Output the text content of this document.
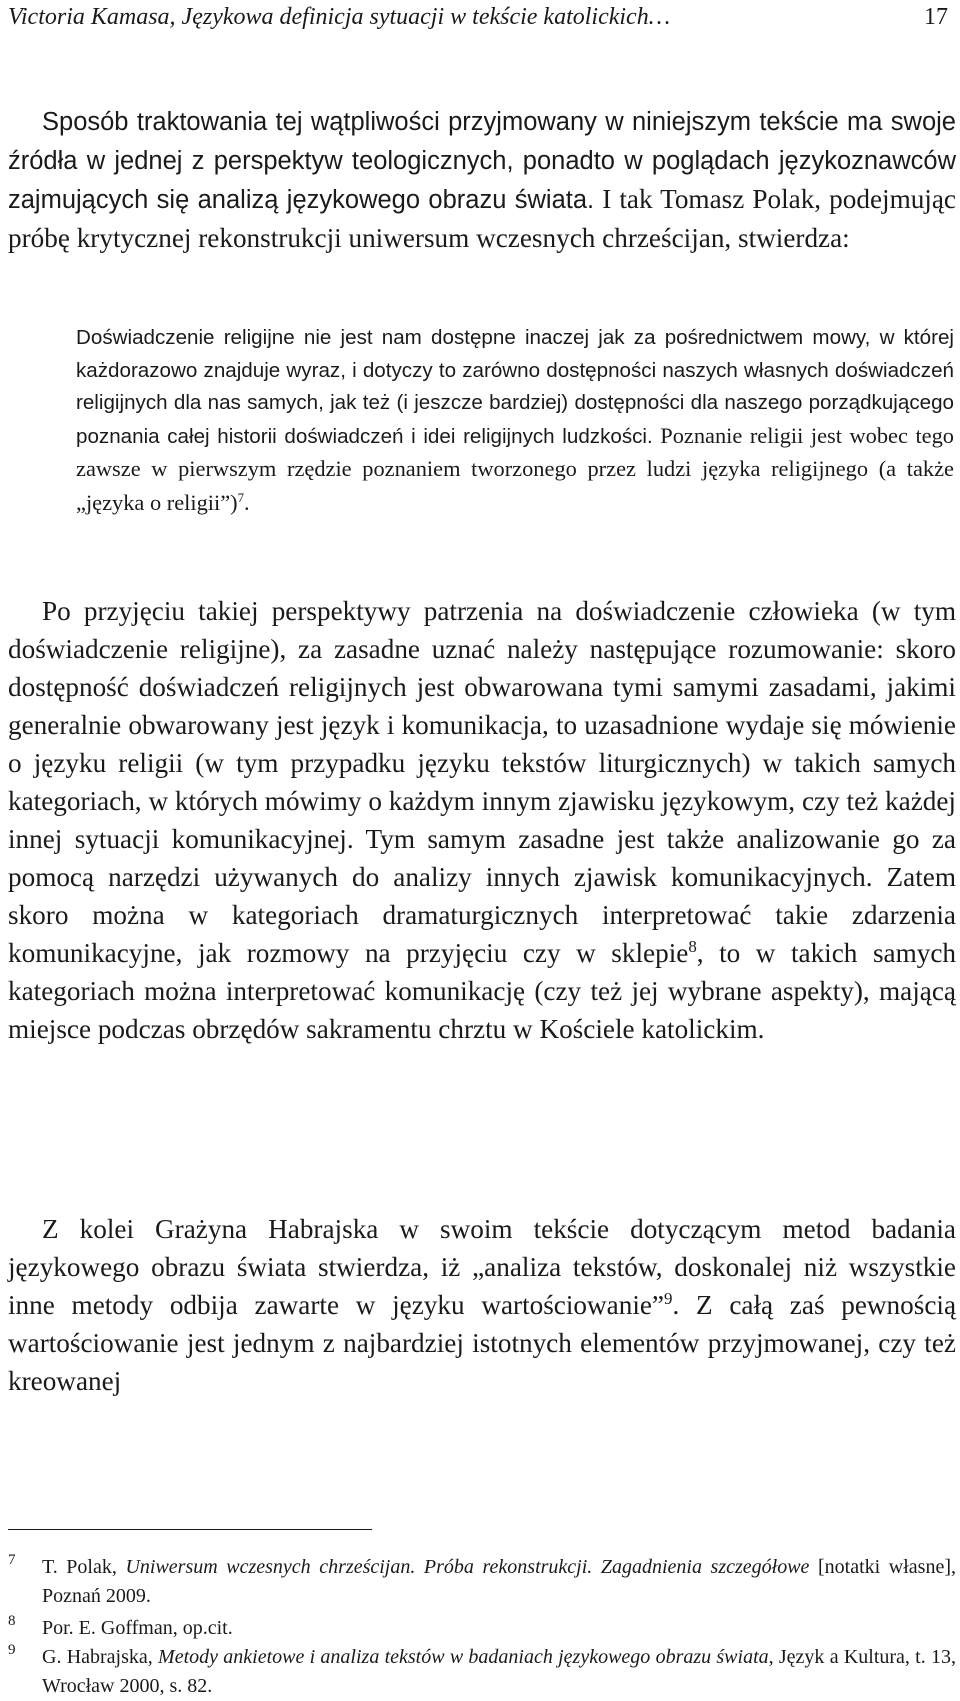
Victoria Kamasa, Językowa definicja sytuacji w tekście katolickich…	17

Sposób traktowania tej wątpliwości przyjmowany w niniejszym tekście ma swoje źródła w jednej z perspektyw teologicznych, ponadto w poglądach językoznawców zajmujących się analizą językowego obrazu świata. I tak Tomasz Polak, podejmując próbę krytycznej rekonstrukcji uniwersum wczesnych chrześcijan, stwierdza:

Doświadczenie religijne nie jest nam dostępne inaczej jak za pośrednictwem mowy, w której każdorazowo znajduje wyraz, i dotyczy to zarówno dostępności naszych własnych doświadczeń religijnych dla nas samych, jak też (i jeszcze bardziej) dostępności dla naszego porządkującego poznania całej historii doświadczeń i idei religijnych ludzkości. Poznanie religii jest wobec tego zawsze w pierwszym rzędzie poznaniem tworzonego przez ludzi języka religijnego (a także „języka o religii”)$^7$.

Po przyjęciu takiej perspektywy patrzenia na doświadczenie człowieka (w tym doświadczenie religijne), za zasadne uznać należy następujące rozumowanie: skoro dostępność doświadczeń religijnych jest obwarowana tymi samymi zasadami, jakimi generalnie obwarowany jest język i komunikacja, to uzasadnione wydaje się mówienie o języku religii (w tym przypadku języku tekstów liturgicznych) w takich samych kategoriach, w których mówimy o każdym innym zjawisku językowym, czy też każdej innej sytuacji komunikacyjnej. Tym samym zasadne jest także analizowanie go za pomocą narzędzi używanych do analizy innych zjawisk komunikacyjnych. Zatem skoro można w kategoriach dramaturgicznych interpretować takie zdarzenia komunikacyjne, jak rozmowy na przyjęciu czy w sklepie$^8$, to w takich samych kategoriach można interpretować komunikację (czy też jej wybrane aspekty), mającą miejsce podczas obrzędów sakramentu chrztu w Kościele katolickim.

Z kolei Grażyna Habrajska w swoim tekście dotyczącym metod badania językowego obrazu świata stwierdza, iż „analiza tekstów, doskonalej niż wszystkie inne metody odbija zawarte w języku wartościowanie”$^9$. Z całą zaś pewnością wartościowanie jest jednym z najbardziej istotnych elementów przyjmowanej, czy też kreowanej

7 T. Polak, Uniwersum wczesnych chrześcijan. Próba rekonstrukcji. Zagadnienia szczegółowe [notatki własne], Poznań 2009.
8 Por. E. Goffman, op.cit.
9 G. Habrajska, Metody ankietowe i analiza tekstów w badaniach językowego obrazu świata, Język a Kultura, t. 13, Wrocław 2000, s. 82.
